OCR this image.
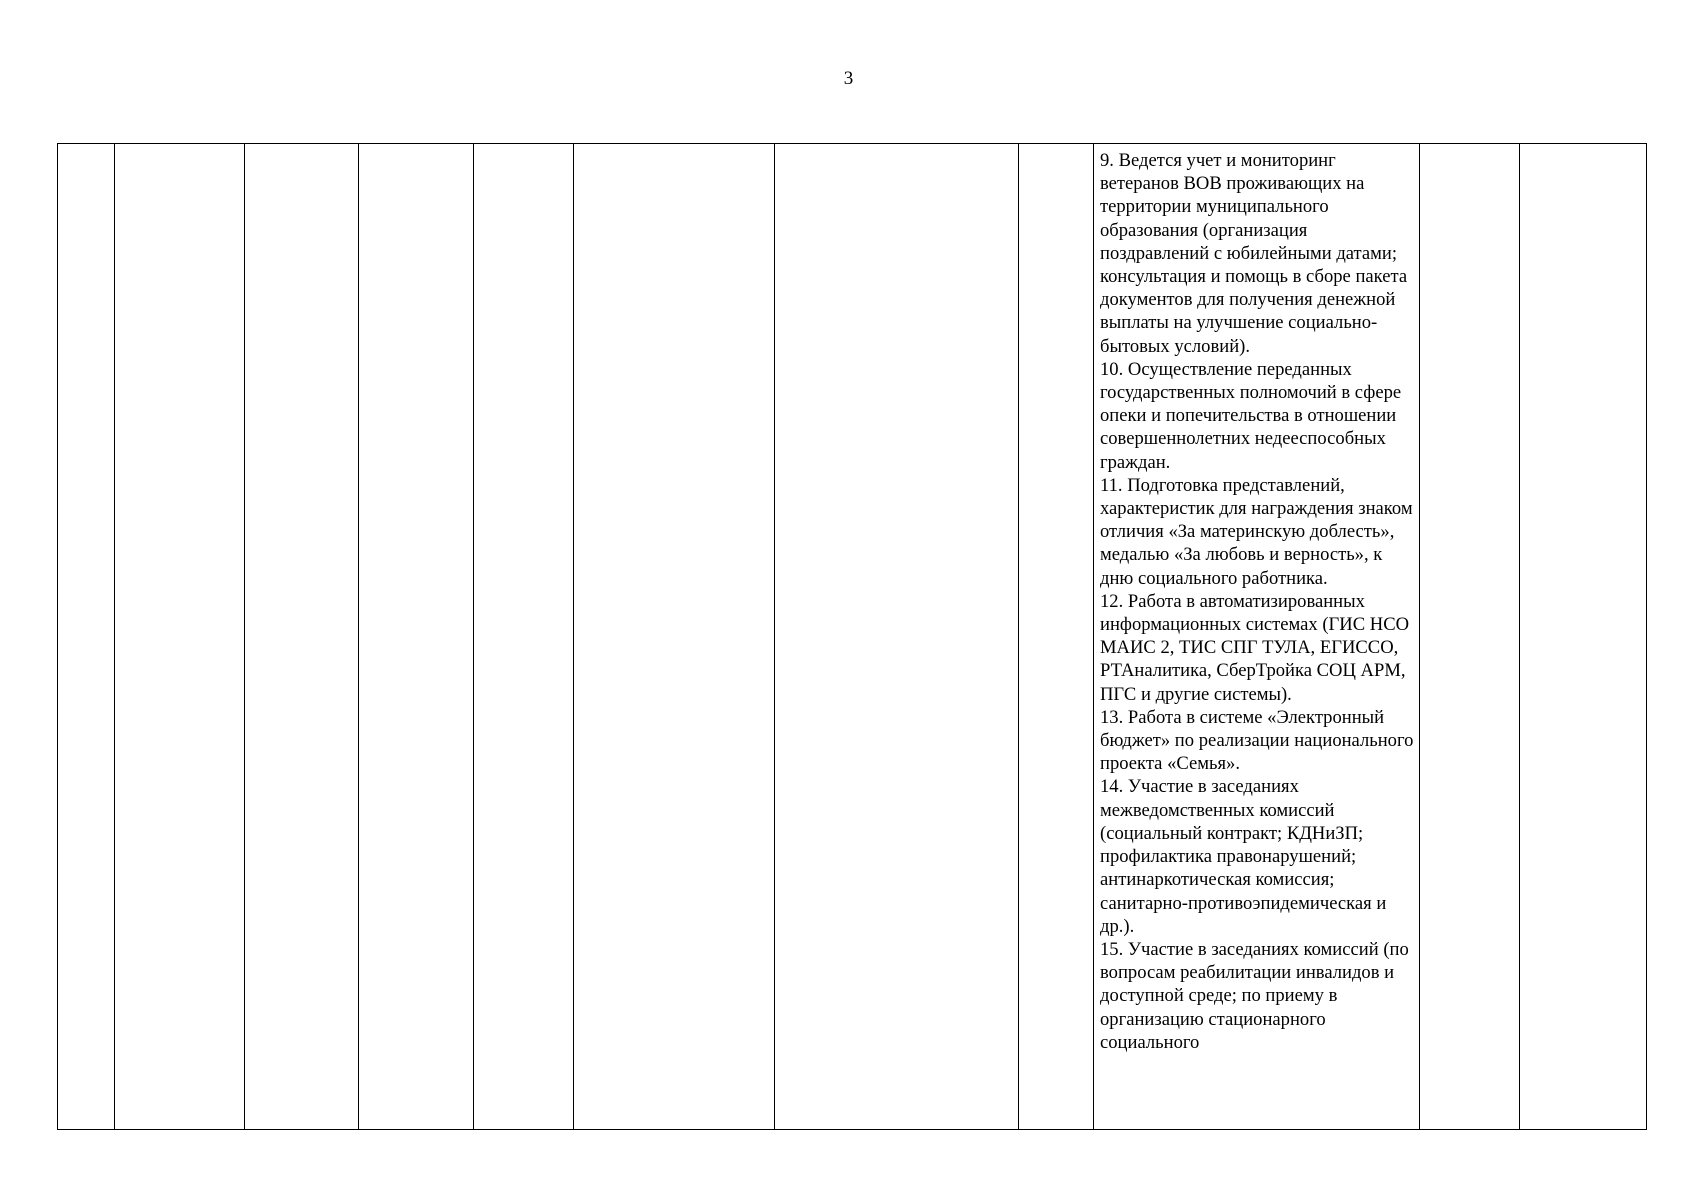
3

9. Ведется учет и мониторинг ветеранов ВОВ проживающих на территории муниципального образования (организация поздравлений с юбилейными датами; консультация и помощь в сборе пакета документов для получения денежной выплаты на улучшение социально-бытовых условий).

10. Осуществление переданных государственных полномочий в сфере опеки и попечительства в отношении совершеннолетних недееспособных граждан.

11. Подготовка представлений, характеристик для награждения знаком отличия «За материнскую доблесть», медалью «За любовь и верность», к дню социального работника.

12. Работа в автоматизированных информационных системах (ГИС НСО МАИС 2, ТИС СПГ ТУЛА, ЕГИССО, РТАналитика, СберТройка СОЦ АРМ, ПГС и другие системы).

13. Работа в системе «Электронный бюджет» по реализации национального проекта «Семья».

14. Участие в заседаниях межведомственных комиссий (социальный контракт; КДНиЗП; профилактика правонарушений; антинаркотическая комиссия; санитарно-противоэпидемическая и др.).

15. Участие в заседаниях комиссий (по вопросам реабилитации инвалидов и доступной среде; по приему в организацию стационарного социального
